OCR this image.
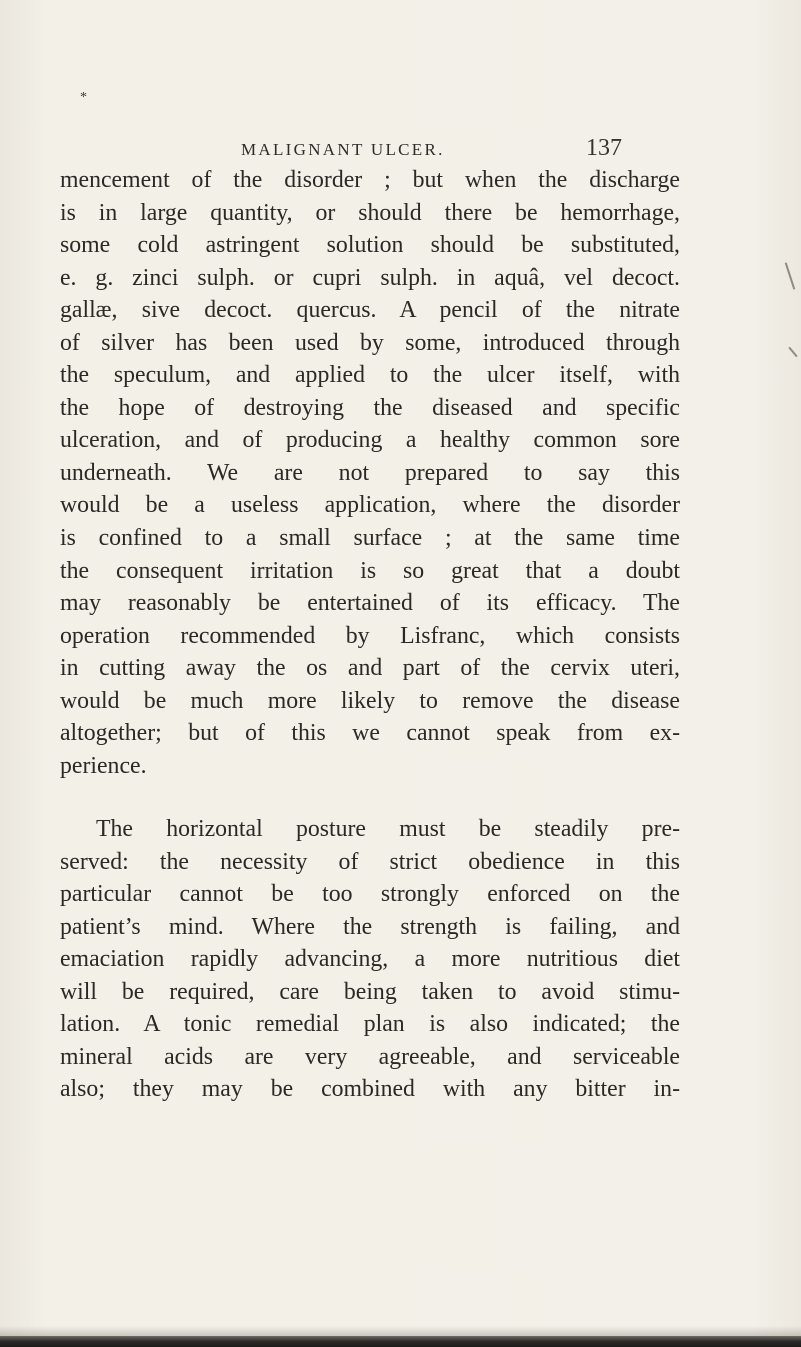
*
MALIGNANT ULCER.	137

mencement of the disorder ; but when the discharge
is in large quantity, or should there be hemorrhage,
some cold astringent solution should be substituted,
e. g. zinci sulph. or cupri sulph. in aquâ, vel decoct.
gallæ, sive decoct. quercus. A pencil of the nitrate
of silver has been used by some, introduced through
the speculum, and applied to the ulcer itself, with
the hope of destroying the diseased and specific
ulceration, and of producing a healthy common sore
underneath. We are not prepared to say this
would be a useless application, where the disorder
is confined to a small surface ; at the same time
the consequent irritation is so great that a doubt
may reasonably be entertained of its efficacy. The
operation recommended by Lisfranc, which consists
in cutting away the os and part of the cervix uteri,
would be much more likely to remove the disease
altogether; but of this we cannot speak from ex-
perience.

The horizontal posture must be steadily pre-
served: the necessity of strict obedience in this
particular cannot be too strongly enforced on the
patient’s mind. Where the strength is failing, and
emaciation rapidly advancing, a more nutritious diet
will be required, care being taken to avoid stimu-
lation. A tonic remedial plan is also indicated; the
mineral acids are very agreeable, and serviceable
also; they may be combined with any bitter in-
